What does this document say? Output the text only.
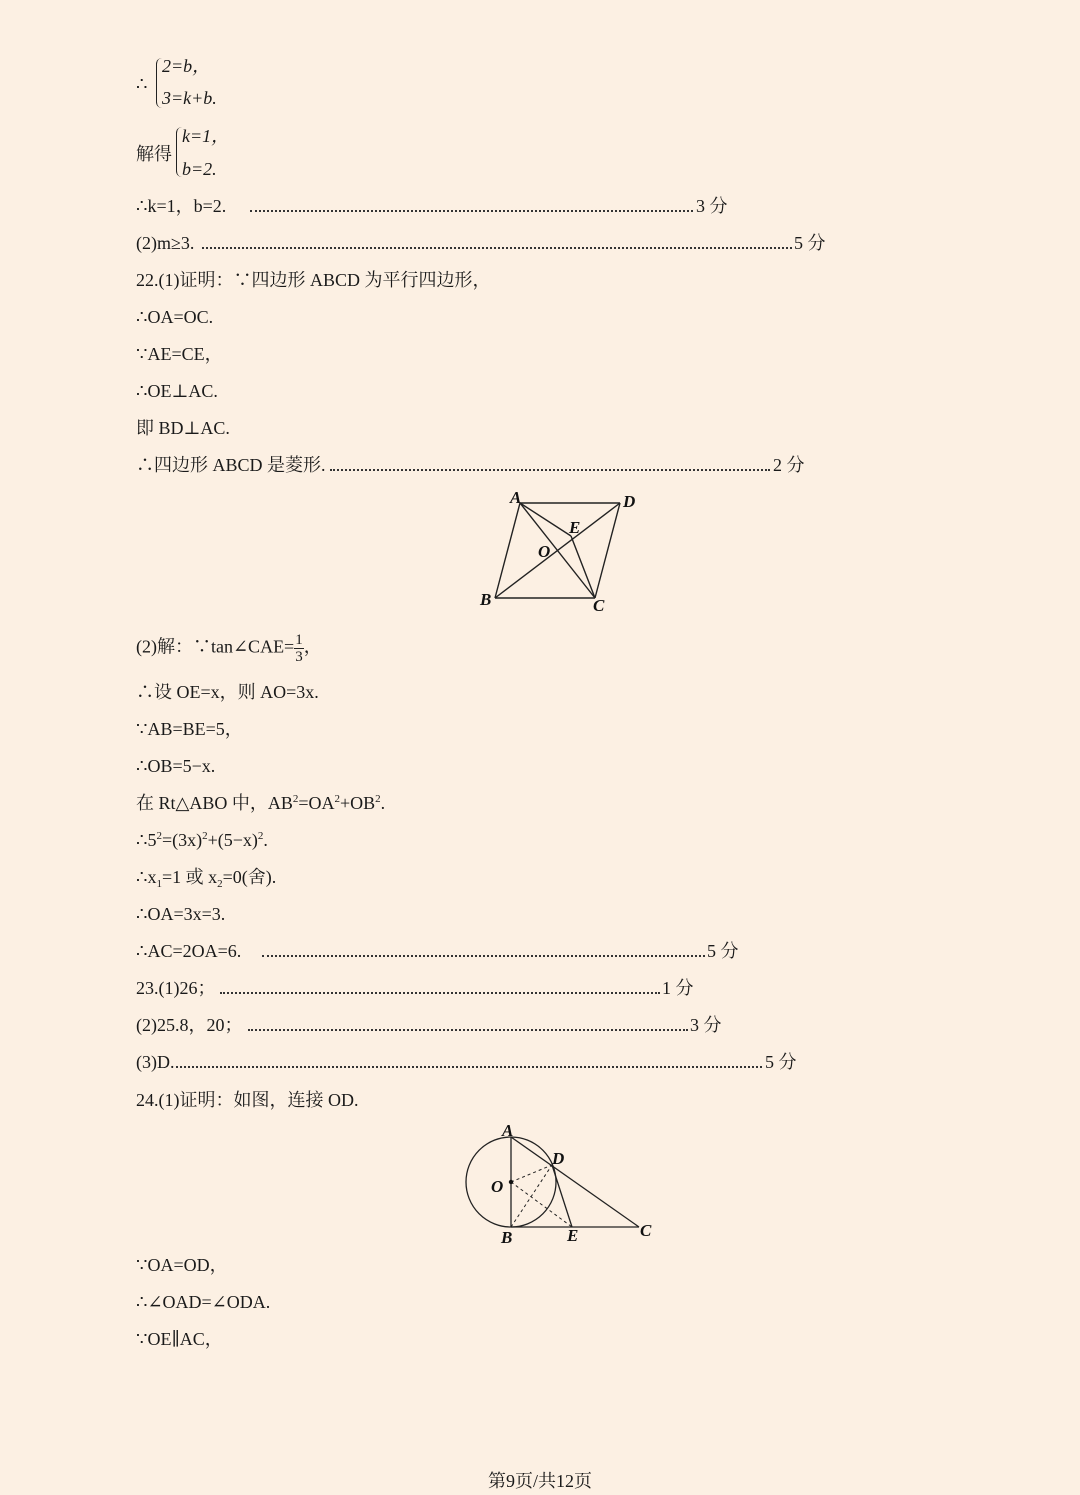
∴
2=b，
3=k+b.
解得
k=1，
b=2.
∴k=1，b=2.	3 分
(2)m≥3.	5 分
22.(1)证明：∵四边形 ABCD 为平行四边形，
∴OA=OC.
∵AE=CE，
∴OE⊥AC.
即 BD⊥AC.
∴四边形 ABCD 是菱形.	2 分
A	D
E
O
B	C
(2)解：∵tan∠CAE= $\frac{1}{3}$ ，
∴设 OE=x，则 AO=3x.
∵AB=BE=5，
∴OB=5−x.
在 Rt△ABO 中，$AB^2=OA^2+OB^2$.
$\therefore 5^2=(3x)^2+(5-x)^2$.
$\therefore x_1=1$ 或 $x_2=0$(舍).
∴OA=3x=3.
∴AC=2OA=6.	5 分
23.(1)26；	1 分
(2)25.8，20；	3 分
(3)D.	5 分
24.(1)证明：如图，连接 OD.
A
D
O
B	E	C
∵OA=OD，
∴∠OAD=∠ODA.
∵OE∥AC，
第9页/共12页
